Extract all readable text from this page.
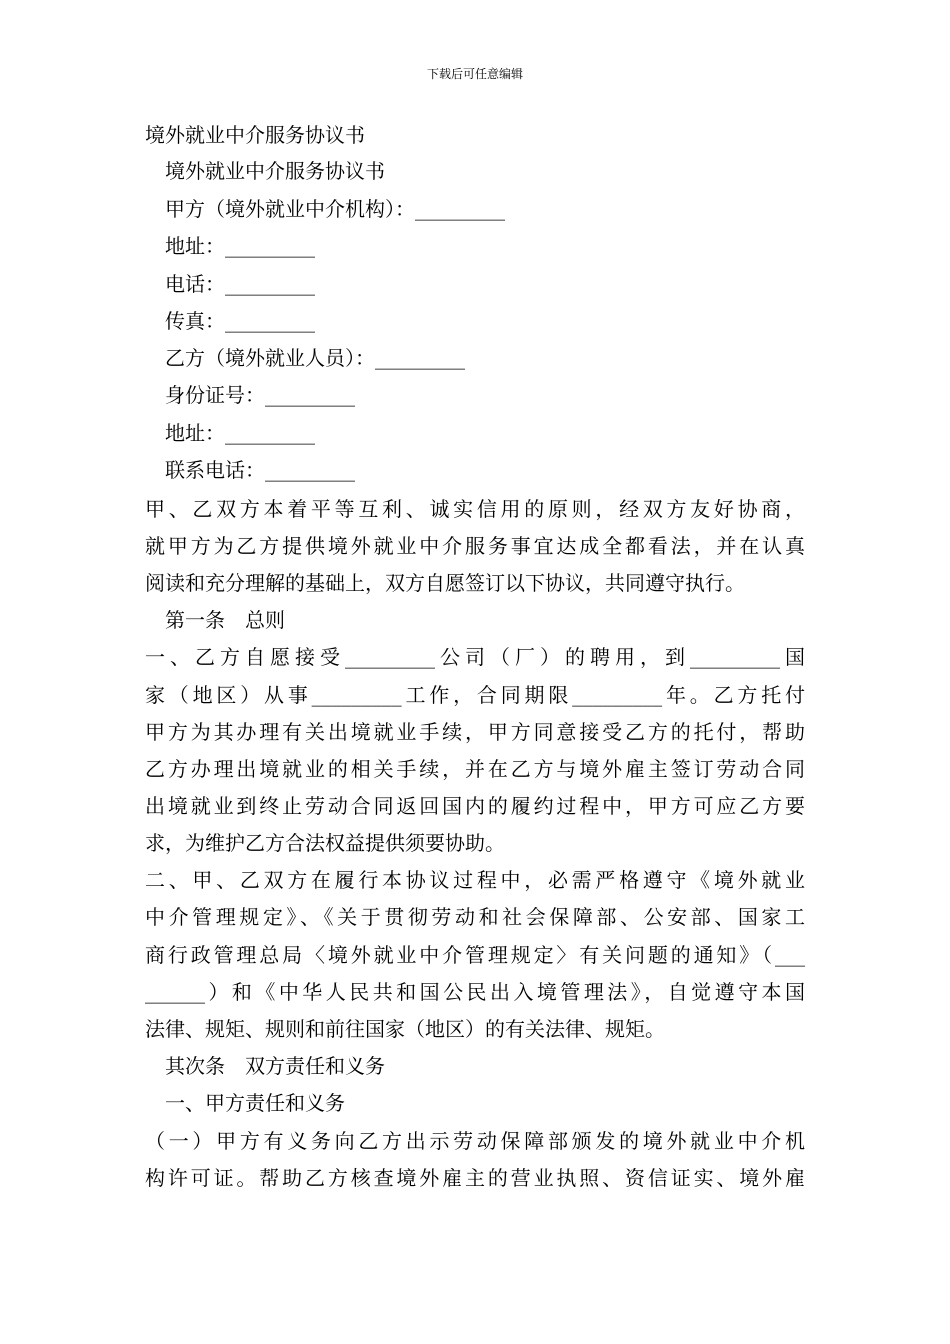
下载后可任意编辑
境外就业中介服务协议书
境外就业中介服务协议书
甲方（境外就业中介机构）：_________
地址：_________
电话：_________
传真：_________
乙方（境外就业人员）：_________
身份证号：_________
地址：_________
联系电话：_________
甲、乙双方本着平等互利、诚实信用的原则，经双方友好协商，
就甲方为乙方提供境外就业中介服务事宜达成全都看法，并在认真
阅读和充分理解的基础上，双方自愿签订以下协议，共同遵守执行。
第一条　总则
一、乙方自愿接受_________公司（厂）的聘用，到_________国
家（地区）从事_________工作，合同期限_________年。乙方托付
甲方为其办理有关出境就业手续，甲方同意接受乙方的托付，帮助
乙方办理出境就业的相关手续，并在乙方与境外雇主签订劳动合同
出境就业到终止劳动合同返回国内的履约过程中，甲方可应乙方要
求，为维护乙方合法权益提供须要协助。
二、甲、乙双方在履行本协议过程中，必需严格遵守《境外就业
中介管理规定》、《关于贯彻劳动和社会保障部、公安部、国家工
商行政管理总局〈境外就业中介管理规定〉有关问题的通知》（___
______）和《中华人民共和国公民出入境管理法》，自觉遵守本国
法律、规矩、规则和前往国家（地区）的有关法律、规矩。
其次条　双方责任和义务
一、甲方责任和义务
（一）甲方有义务向乙方出示劳动保障部颁发的境外就业中介机
构许可证。帮助乙方核查境外雇主的营业执照、资信证实、境外雇
